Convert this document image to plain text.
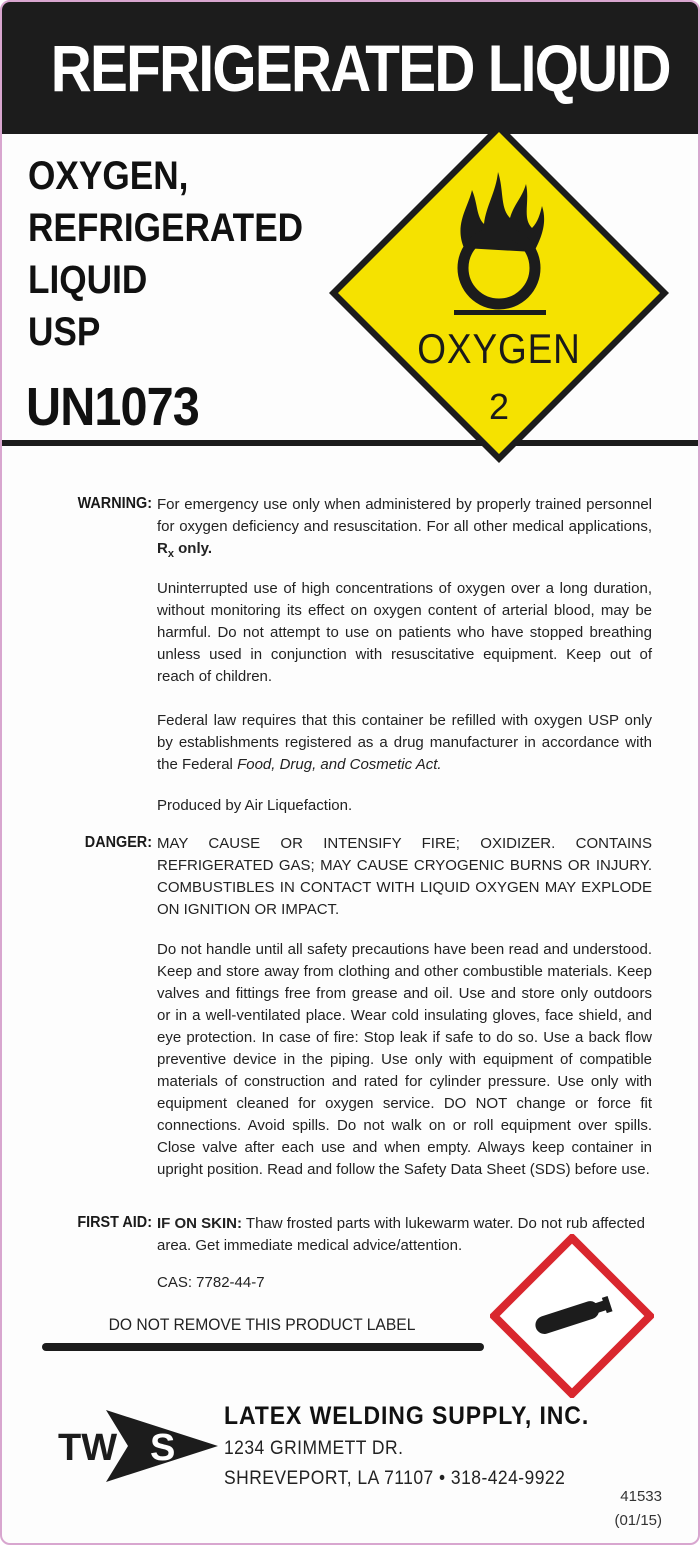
REFRIGERATED LIQUID
OXYGEN,
REFRIGERATED
LIQUID
USP
UN1073
OXYGEN
2
WARNING: For emergency use only when administered by properly trained personnel for oxygen deficiency and resuscitation. For all other medical applications, $R_x$ only.
Uninterrupted use of high concentrations of oxygen over a long duration, without monitoring its effect on oxygen content of arterial blood, may be harmful. Do not attempt to use on patients who have stopped breathing unless used in conjunction with resuscitative equipment. Keep out of reach of children.
Federal law requires that this container be refilled with oxygen USP only by establishments registered as a drug manufacturer in accordance with the Federal Food, Drug, and Cosmetic Act.
Produced by Air Liquefaction.
DANGER: MAY CAUSE OR INTENSIFY FIRE; OXIDIZER. CONTAINS REFRIGERATED GAS; MAY CAUSE CRYOGENIC BURNS OR INJURY. COMBUSTIBLES IN CONTACT WITH LIQUID OXYGEN MAY EXPLODE ON IGNITION OR IMPACT.
Do not handle until all safety precautions have been read and understood. Keep and store away from clothing and other combustible materials. Keep valves and fittings free from grease and oil. Use and store only outdoors or in a well-ventilated place. Wear cold insulating gloves, face shield, and eye protection. In case of fire: Stop leak if safe to do so. Use a back flow preventive device in the piping. Use only with equipment of compatible materials of construction and rated for cylinder pressure. Use only with equipment cleaned for oxygen service. DO NOT change or force fit connections. Avoid spills. Do not walk on or roll equipment over spills. Close valve after each use and when empty. Always keep container in upright position. Read and follow the Safety Data Sheet (SDS) before use.
FIRST AID: IF ON SKIN: Thaw frosted parts with lukewarm water. Do not rub affected area. Get immediate medical advice/attention.
CAS: 7782-44-7
DO NOT REMOVE THIS PRODUCT LABEL
TW S
LATEX WELDING SUPPLY, INC.
1234 GRIMMETT DR.
SHREVEPORT, LA 71107 • 318-424-9922
41533
(01/15)
